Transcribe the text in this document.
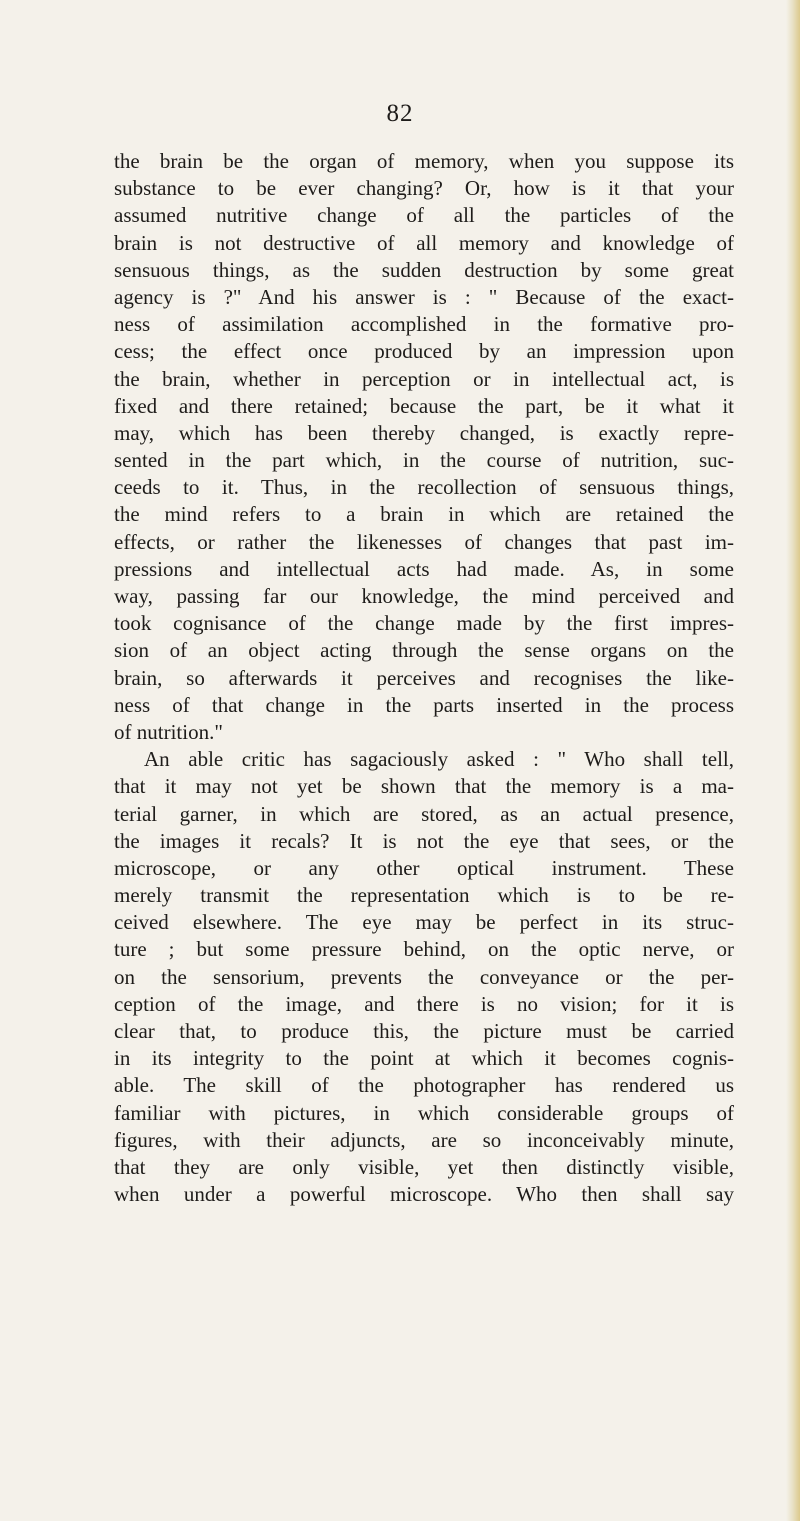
82
the brain be the organ of memory, when you suppose its
substance to be ever changing? Or, how is it that your
assumed nutritive change of all the particles of the
brain is not destructive of all memory and knowledge of
sensuous things, as the sudden destruction by some great
agency is ?" And his answer is : " Because of the exact-
ness of assimilation accomplished in the formative pro-
cess; the effect once produced by an impression upon
the brain, whether in perception or in intellectual act, is
fixed and there retained; because the part, be it what it
may, which has been thereby changed, is exactly repre-
sented in the part which, in the course of nutrition, suc-
ceeds to it. Thus, in the recollection of sensuous things,
the mind refers to a brain in which are retained the
effects, or rather the likenesses of changes that past im-
pressions and intellectual acts had made. As, in some
way, passing far our knowledge, the mind perceived and
took cognisance of the change made by the first impres-
sion of an object acting through the sense organs on the
brain, so afterwards it perceives and recognises the like-
ness of that change in the parts inserted in the process
of nutrition."
An able critic has sagaciously asked : " Who shall tell,
that it may not yet be shown that the memory is a ma-
terial garner, in which are stored, as an actual presence,
the images it recals? It is not the eye that sees, or the
microscope, or any other optical instrument. These
merely transmit the representation which is to be re-
ceived elsewhere. The eye may be perfect in its struc-
ture ; but some pressure behind, on the optic nerve, or
on the sensorium, prevents the conveyance or the per-
ception of the image, and there is no vision; for it is
clear that, to produce this, the picture must be carried
in its integrity to the point at which it becomes cognis-
able. The skill of the photographer has rendered us
familiar with pictures, in which considerable groups of
figures, with their adjuncts, are so inconceivably minute,
that they are only visible, yet then distinctly visible,
when under a powerful microscope. Who then shall say
